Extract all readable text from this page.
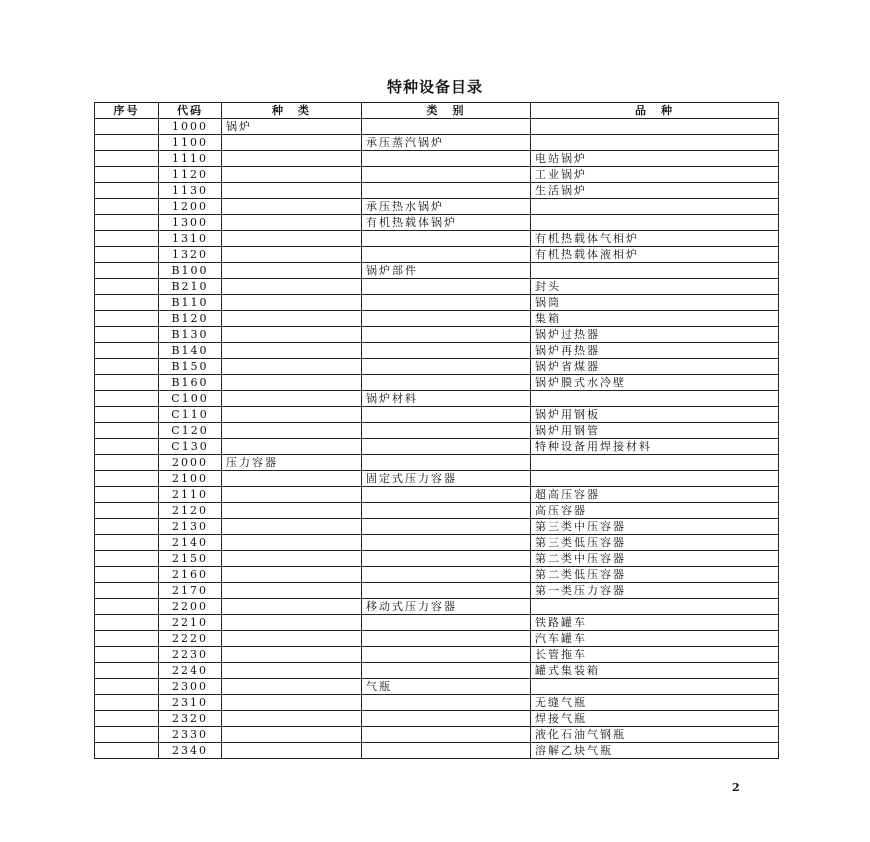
特种设备目录
序号	代码	种　类	类　别	品　种
	1000	锅炉		
	1100		承压蒸汽锅炉	
	1110			电站锅炉
	1120			工业锅炉
	1130			生活锅炉
	1200		承压热水锅炉	
	1300		有机热载体锅炉	
	1310			有机热载体气相炉
	1320			有机热载体液相炉
	B100		锅炉部件	
	B210			封头
	B110			锅筒
	B120			集箱
	B130			锅炉过热器
	B140			锅炉再热器
	B150			锅炉省煤器
	B160			锅炉膜式水冷壁
	C100		锅炉材料	
	C110			锅炉用钢板
	C120			锅炉用钢管
	C130			特种设备用焊接材料
	2000	压力容器		
	2100		固定式压力容器	
	2110			超高压容器
	2120			高压容器
	2130			第三类中压容器
	2140			第三类低压容器
	2150			第二类中压容器
	2160			第二类低压容器
	2170			第一类压力容器
	2200		移动式压力容器	
	2210			铁路罐车
	2220			汽车罐车
	2230			长管拖车
	2240			罐式集装箱
	2300		气瓶	
	2310			无缝气瓶
	2320			焊接气瓶
	2330			液化石油气钢瓶
	2340			溶解乙炔气瓶
2
